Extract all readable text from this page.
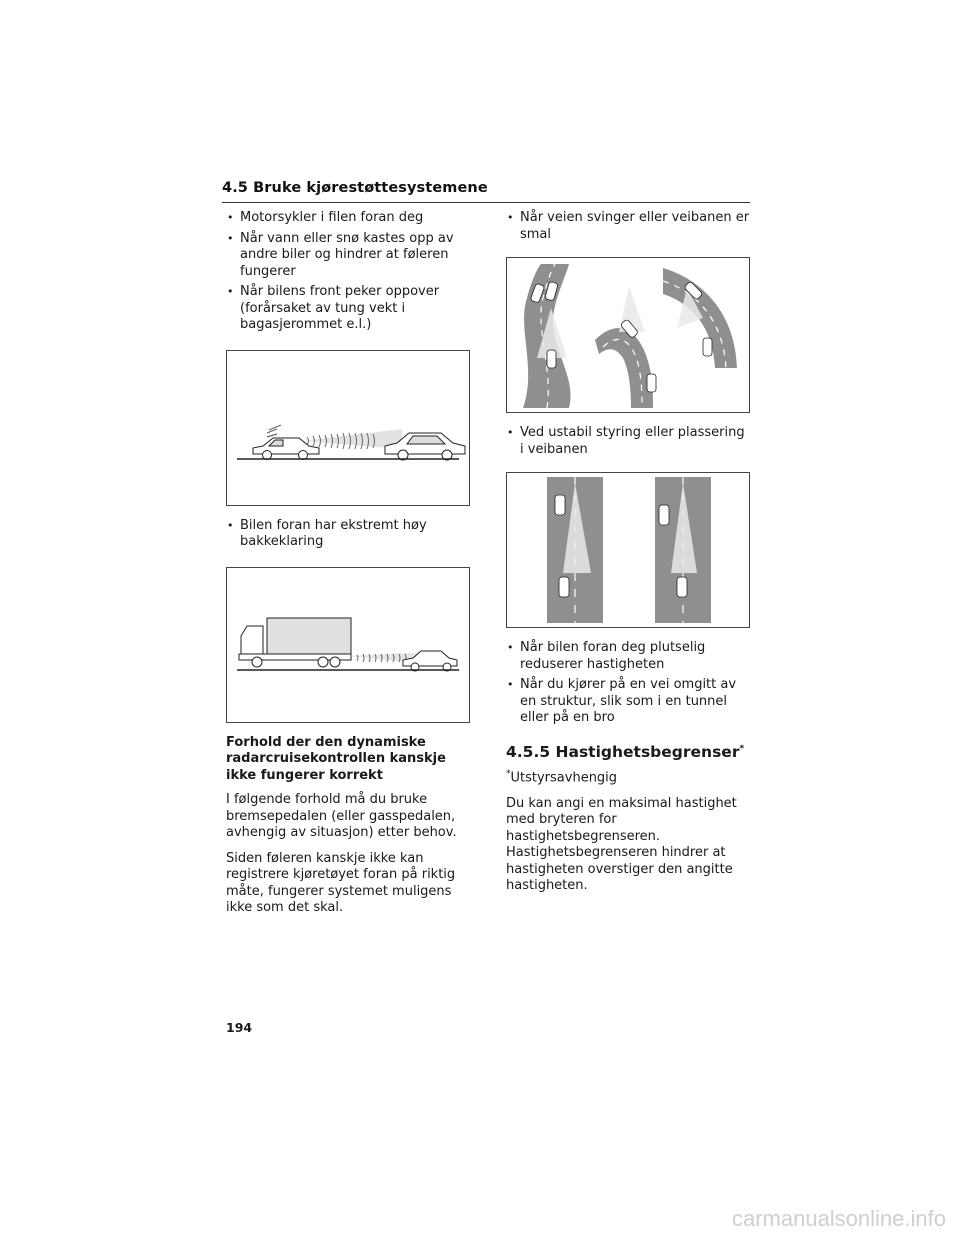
4.5 Bruke kjørestøttesystemene
• Motorsykler i filen foran deg
• Når vann eller snø kastes opp av andre biler og hindrer at føleren fungerer
• Når bilens front peker oppover (forårsaket av tung vekt i bagasjerommet e.l.)
• Bilen foran har ekstremt høy bakkeklaring
Forhold der den dynamiske radarcruisekontrollen kanskje ikke fungerer korrekt

I følgende forhold må du bruke bremsepedalen (eller gasspedalen, avhengig av situasjon) etter behov.

Siden føleren kanskje ikke kan registrere kjøretøyet foran på riktig måte, fungerer systemet muligens ikke som det skal.

• Når veien svinger eller veibanen er smal
• Ved ustabil styring eller plassering i veibanen
• Når bilen foran deg plutselig reduserer hastigheten
• Når du kjører på en vei omgitt av en struktur, slik som i en tunnel eller på en bro
4.5.5 Hastighetsbegrenser*
*Utstyrsavhengig

Du kan angi en maksimal hastighet med bryteren for hastighetsbegrenseren. Hastighetsbegrenseren hindrer at hastigheten overstiger den angitte hastigheten.

194
carmanualsonline.info
